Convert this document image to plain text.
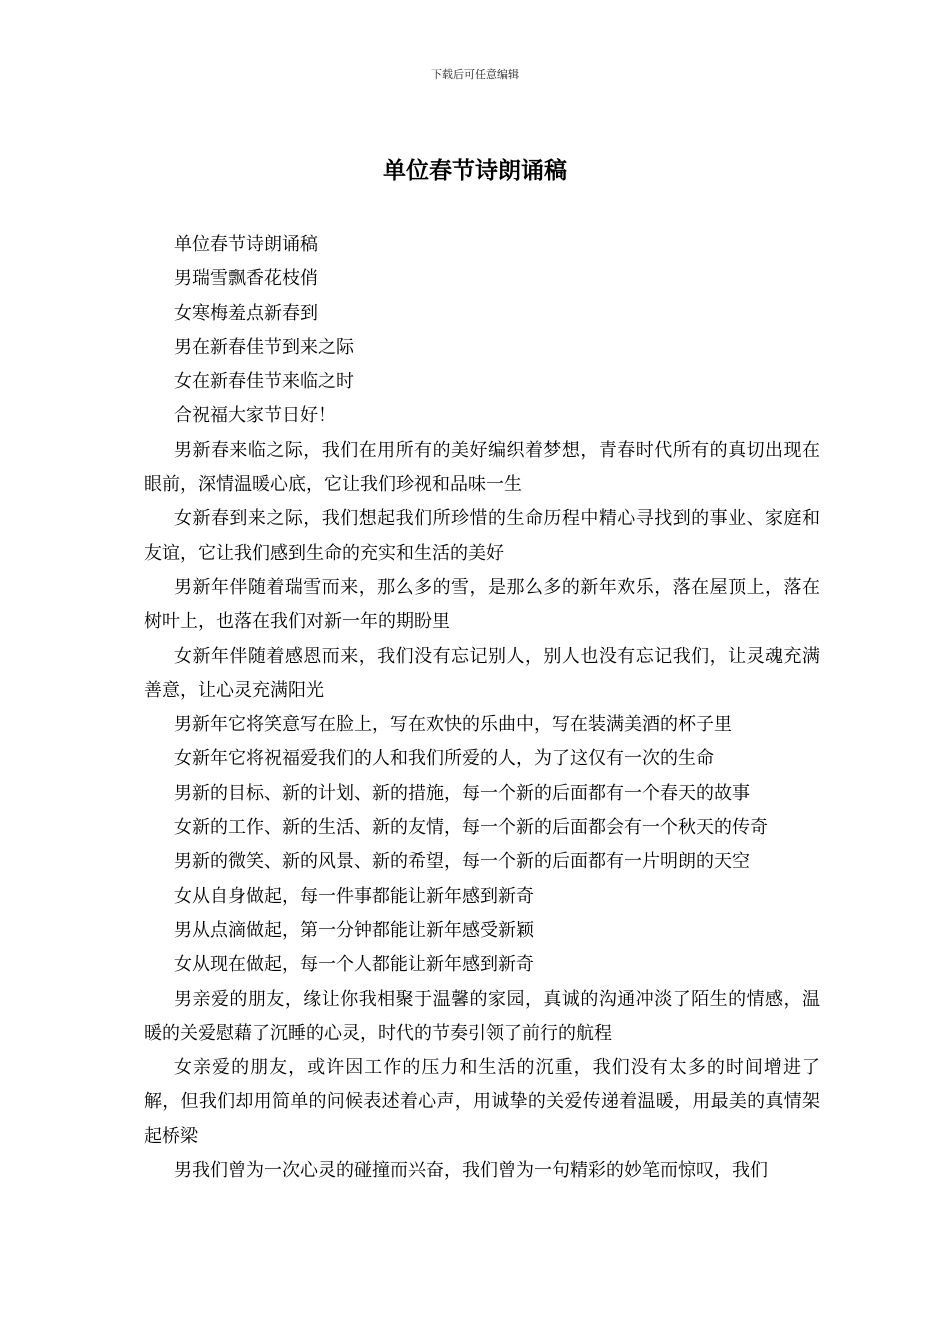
下载后可任意编辑
单位春节诗朗诵稿

单位春节诗朗诵稿

男瑞雪飘香花枝俏

女寒梅羞点新春到

男在新春佳节到来之际

女在新春佳节来临之时

合祝福大家节日好！

男新春来临之际，我们在用所有的美好编织着梦想，青春时代所有的真切出现在眼前，深情温暖心底，它让我们珍视和品味一生

女新春到来之际，我们想起我们所珍惜的生命历程中精心寻找到的事业、家庭和友谊，它让我们感到生命的充实和生活的美好

男新年伴随着瑞雪而来，那么多的雪，是那么多的新年欢乐，落在屋顶上，落在树叶上，也落在我们对新一年的期盼里

女新年伴随着感恩而来，我们没有忘记别人，别人也没有忘记我们，让灵魂充满善意，让心灵充满阳光

男新年它将笑意写在脸上，写在欢快的乐曲中，写在装满美酒的杯子里

女新年它将祝福爱我们的人和我们所爱的人，为了这仅有一次的生命

男新的目标、新的计划、新的措施，每一个新的后面都有一个春天的故事

女新的工作、新的生活、新的友情，每一个新的后面都会有一个秋天的传奇

男新的微笑、新的风景、新的希望，每一个新的后面都有一片明朗的天空

女从自身做起，每一件事都能让新年感到新奇

男从点滴做起，第一分钟都能让新年感受新颖

女从现在做起，每一个人都能让新年感到新奇

男亲爱的朋友，缘让你我相聚于温馨的家园，真诚的沟通冲淡了陌生的情感，温暖的关爱慰藉了沉睡的心灵，时代的节奏引领了前行的航程

女亲爱的朋友，或许因工作的压力和生活的沉重，我们没有太多的时间增进了解，但我们却用简单的问候表述着心声，用诚挚的关爱传递着温暖，用最美的真情架起桥梁

男我们曾为一次心灵的碰撞而兴奋，我们曾为一句精彩的妙笔而惊叹，我们
